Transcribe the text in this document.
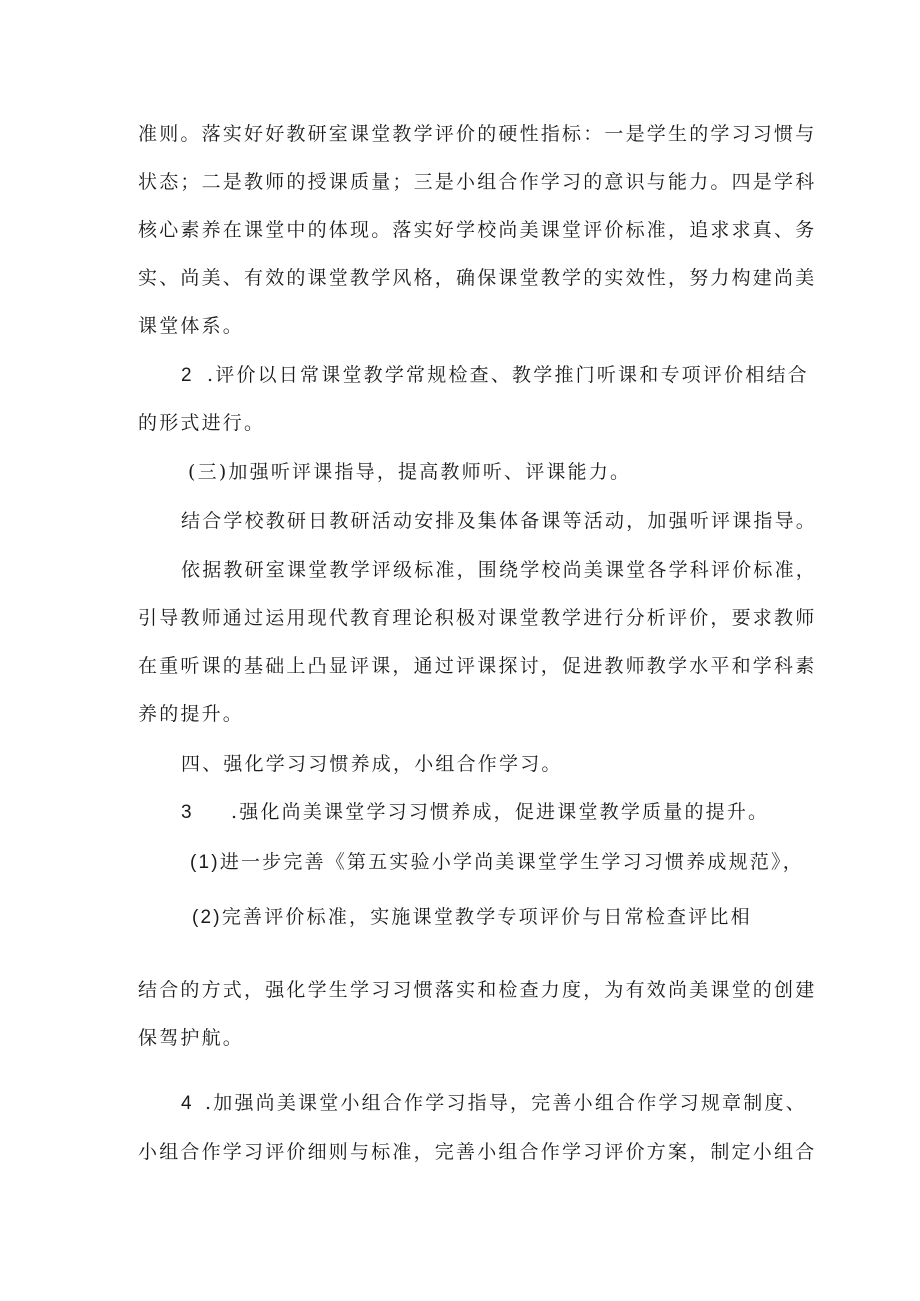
准则。落实好好教研室课堂教学评价的硬性指标：一是学生的学习习惯与
状态；二是教师的授课质量；三是小组合作学习的意识与能力。四是学科
核心素养在课堂中的体现。落实好学校尚美课堂评价标准，追求求真、务
实、尚美、有效的课堂教学风格，确保课堂教学的实效性，努力构建尚美
课堂体系。
2 .评价以日常课堂教学常规检查、教学推门听课和专项评价相结合
的形式进行。
(三)加强听评课指导，提高教师听、评课能力。
结合学校教研日教研活动安排及集体备课等活动，加强听评课指导。
依据教研室课堂教学评级标准，围绕学校尚美课堂各学科评价标准，
引导教师通过运用现代教育理论积极对课堂教学进行分析评价，要求教师
在重听课的基础上凸显评课，通过评课探讨，促进教师教学水平和学科素
养的提升。
四、强化学习习惯养成，小组合作学习。
3 .强化尚美课堂学习习惯养成，促进课堂教学质量的提升。
(1)进一步完善《第五实验小学尚美课堂学生学习习惯养成规范》，
(2)完善评价标准，实施课堂教学专项评价与日常检查评比相
结合的方式，强化学生学习习惯落实和检查力度，为有效尚美课堂的创建
保驾护航。
4 .加强尚美课堂小组合作学习指导，完善小组合作学习规章制度、
小组合作学习评价细则与标准，完善小组合作学习评价方案，制定小组合
